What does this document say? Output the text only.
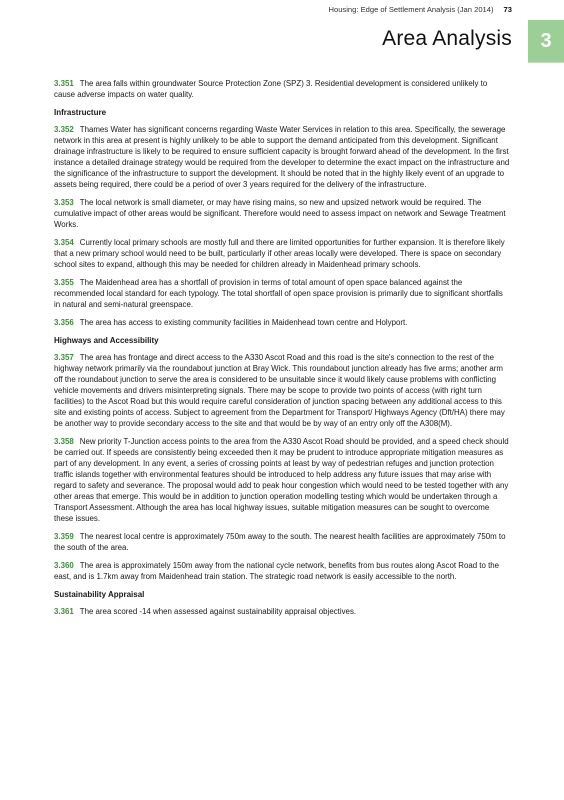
Housing: Edge of Settlement Analysis (Jan 2014) 73
Area Analysis	3

3.351 The area falls within groundwater Source Protection Zone (SPZ) 3. Residential development is considered unlikely to cause adverse impacts on water quality.

Infrastructure

3.352 Thames Water has significant concerns regarding Waste Water Services in relation to this area. Specifically, the sewerage network in this area at present is highly unlikely to be able to support the demand anticipated from this development. Significant drainage infrastructure is likely to be required to ensure sufficient capacity is brought forward ahead of the development. In the first instance a detailed drainage strategy would be required from the developer to determine the exact impact on the infrastructure and the significance of the infrastructure to support the development. It should be noted that in the highly likely event of an upgrade to assets being required, there could be a period of over 3 years required for the delivery of the infrastructure.

3.353 The local network is small diameter, or may have rising mains, so new and upsized network would be required. The cumulative impact of other areas would be significant. Therefore would need to assess impact on network and Sewage Treatment Works.

3.354 Currently local primary schools are mostly full and there are limited opportunities for further expansion. It is therefore likely that a new primary school would need to be built, particularly if other areas locally were developed. There is space on secondary school sites to expand, although this may be needed for children already in Maidenhead primary schools.

3.355 The Maidenhead area has a shortfall of provision in terms of total amount of open space balanced against the recommended local standard for each typology. The total shortfall of open space provision is primarily due to significant shortfalls in natural and semi-natural greenspace.

3.356 The area has access to existing community facilities in Maidenhead town centre and Holyport.

Highways and Accessibility

3.357 The area has frontage and direct access to the A330 Ascot Road and this road is the site's connection to the rest of the highway network primarily via the roundabout junction at Bray Wick. This roundabout junction already has five arms; another arm off the roundabout junction to serve the area is considered to be unsuitable since it would likely cause problems with conflicting vehicle movements and drivers misinterpreting signals. There may be scope to provide two points of access (with right turn facilities) to the Ascot Road but this would require careful consideration of junction spacing between any additional access to this site and existing points of access. Subject to agreement from the Department for Transport/ Highways Agency (Dft/HA) there may be another way to provide secondary access to the site and that would be by way of an entry only off the A308(M).

3.358 New priority T-Junction access points to the area from the A330 Ascot Road should be provided, and a speed check should be carried out. If speeds are consistently being exceeded then it may be prudent to introduce appropriate mitigation measures as part of any development. In any event, a series of crossing points at least by way of pedestrian refuges and junction protection traffic islands together with environmental features should be introduced to help address any future issues that may arise with regard to safety and severance. The proposal would add to peak hour congestion which would need to be tested together with any other areas that emerge. This would be in addition to junction operation modelling testing which would be undertaken through a Transport Assessment. Although the area has local highway issues, suitable mitigation measures can be sought to overcome these issues.

3.359 The nearest local centre is approximately 750m away to the south. The nearest health facilities are approximately 750m to the south of the area.

3.360 The area is approximately 150m away from the national cycle network, benefits from bus routes along Ascot Road to the east, and is 1.7km away from Maidenhead train station. The strategic road network is easily accessible to the north.

Sustainability Appraisal

3.361 The area scored -14 when assessed against sustainability appraisal objectives.
